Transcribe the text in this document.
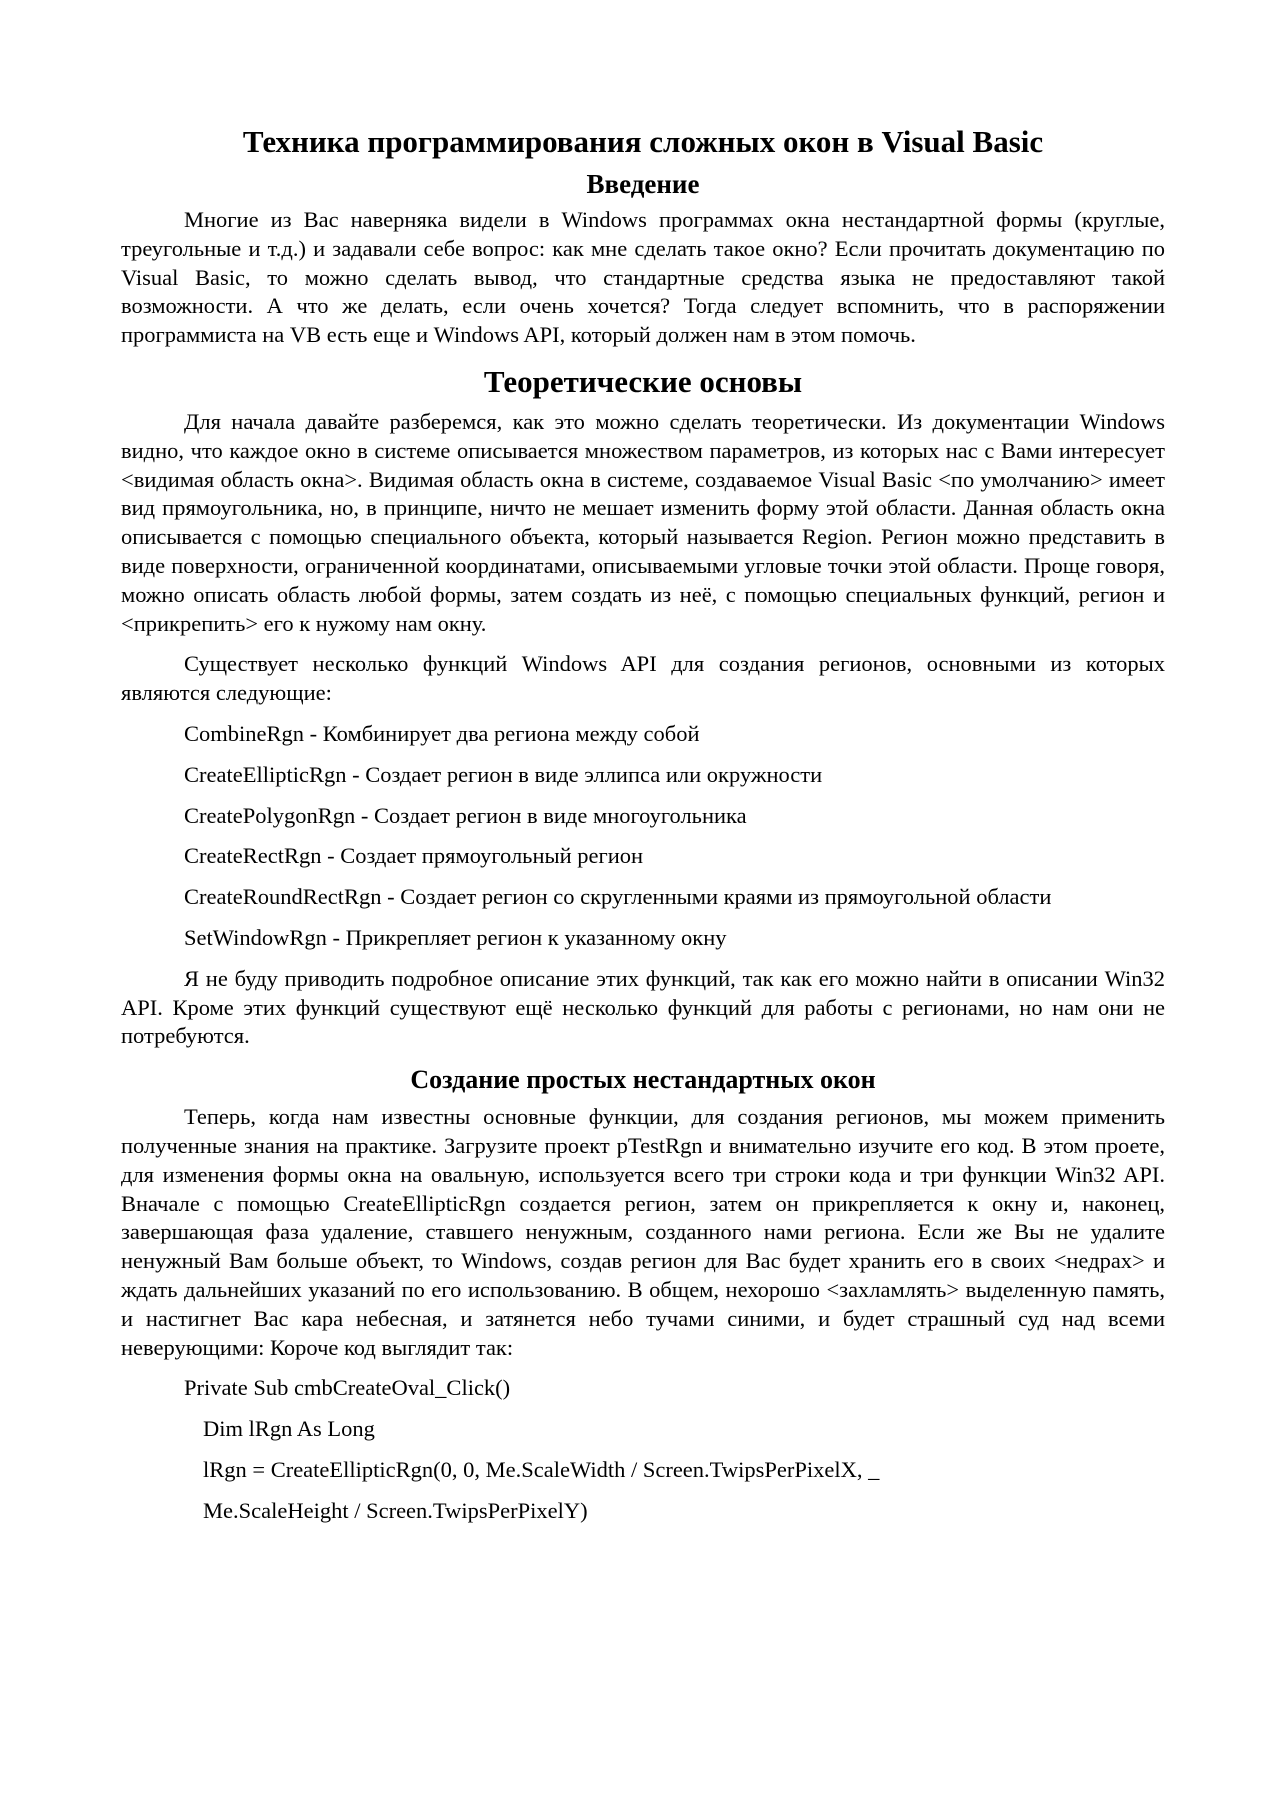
Техника программирования сложных окон в Visual Basic
Введение

Многие из Вас наверняка видели в Windows программах окна нестандартной формы (круглые, треугольные и т.д.) и задавали себе вопрос: как мне сделать такое окно? Если прочитать документацию по Visual Basic, то можно сделать вывод, что стандартные средства языка не предоставляют такой возможности. А что же делать, если очень хочется? Тогда следует вспомнить, что в распоряжении программиста на VB есть еще и Windows API, который должен нам в этом помочь.

Теоретические основы

Для начала давайте разберемся, как это можно сделать теоретически. Из документации Windows видно, что каждое окно в системе описывается множеством параметров, из которых нас с Вами интересует <видимая область окна>. Видимая область окна в системе, создаваемое Visual Basic <по умолчанию> имеет вид прямоугольника, но, в принципе, ничто не мешает изменить форму этой области. Данная область окна описывается с помощью специального объекта, который называется Region. Регион можно представить в виде поверхности, ограниченной координатами, описываемыми угловые точки этой области. Проще говоря, можно описать область любой формы, затем создать из неё, с помощью специальных функций, регион и <прикрепить> его к нужому нам окну.

Существует несколько функций Windows API для создания регионов, основными из которых являются следующие:

CombineRgn - Комбинирует два региона между собой

CreateEllipticRgn - Создает регион в виде эллипса или окружности

CreatePolygonRgn - Создает регион в виде многоугольника

CreateRectRgn - Создает прямоугольный регион

CreateRoundRectRgn - Создает регион со скругленными краями из прямоугольной области

SetWindowRgn - Прикрепляет регион к указанному окну

Я не буду приводить подробное описание этих функций, так как его можно найти в описании Win32 API. Кроме этих функций существуют ещё несколько функций для работы с регионами, но нам они не потребуются.

Создание простых нестандартных окон

Теперь, когда нам известны основные функции, для создания регионов, мы можем применить полученные знания на практике. Загрузите проект pTestRgn и внимательно изучите его код. В этом проете, для изменения формы окна на овальную, используется всего три строки кода и три функции Win32 API. Вначале с помощью CreateEllipticRgn создается регион, затем он прикрепляется к окну и, наконец, завершающая фаза удаление, ставшего ненужным, созданного нами региона. Если же Вы не удалите ненужный Вам больше объект, то Windows, создав регион для Вас будет хранить его в своих <недрах> и ждать дальнейших указаний по его использованию. В общем, нехорошо <захламлять> выделенную память, и настигнет Вас кара небесная, и затянется небо тучами синими, и будет страшный суд над всеми неверующими: Короче код выглядит так:

Private Sub cmbCreateOval_Click()
Dim lRgn As Long
lRgn = CreateEllipticRgn(0, 0, Me.ScaleWidth / Screen.TwipsPerPixelX, _
Me.ScaleHeight / Screen.TwipsPerPixelY)
